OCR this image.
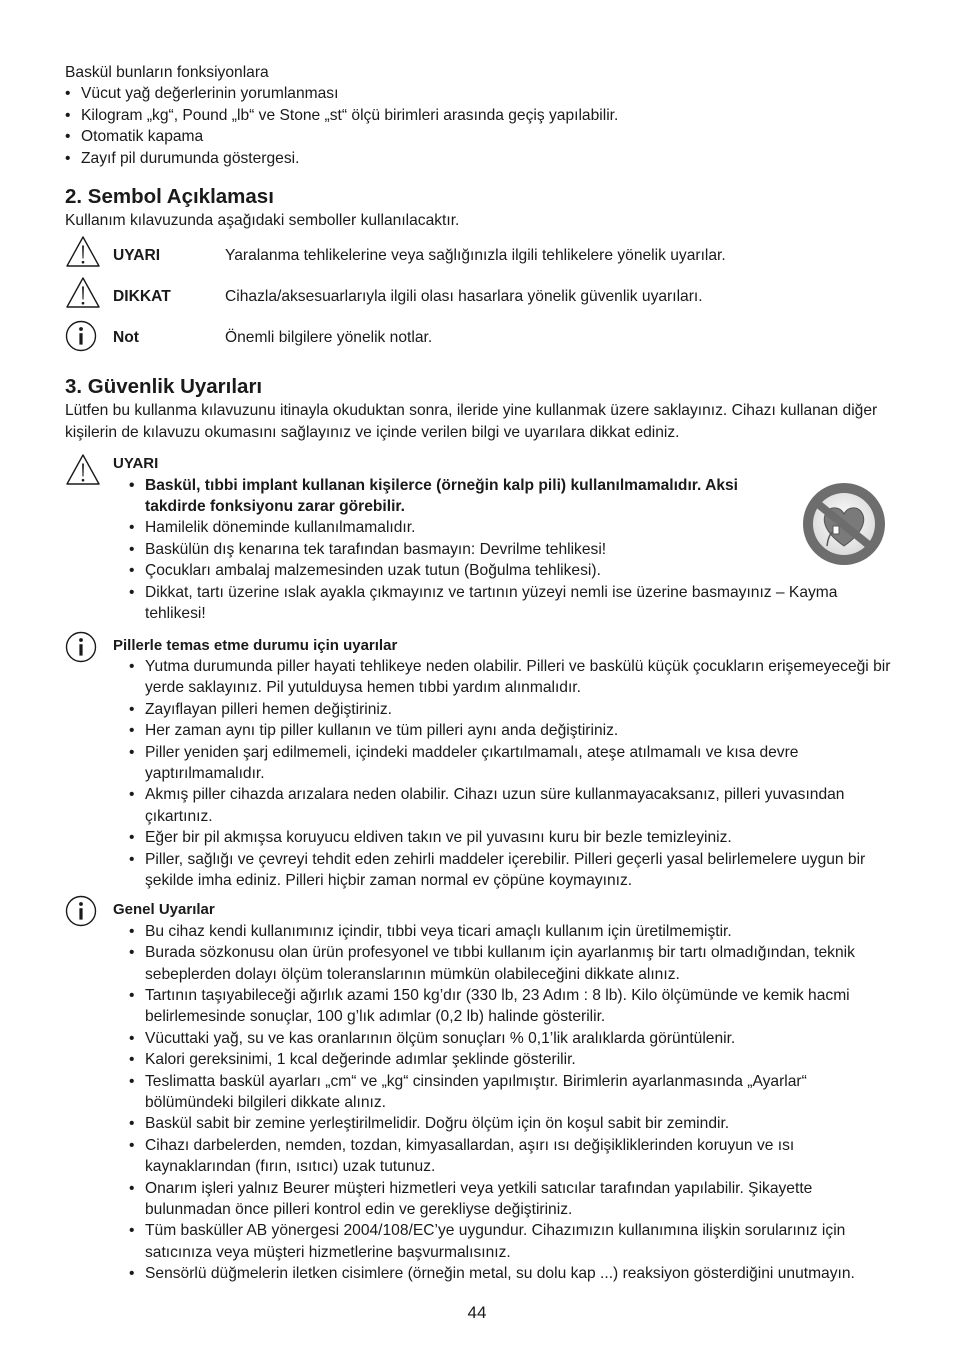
Baskül bunların fonksiyonlara

• Vücut yağ değerlerinin yorumlanması
• Kilogram „kg“, Pound „lb“ ve Stone „st“ ölçü birimleri arasında geçiş yapılabilir.
• Otomatik kapama
• Zayıf pil durumunda göstergesi.
2. Sembol Açıklaması

Kullanım kılavuzunda aşağıdaki semboller kullanılacaktır.

UYARI	Yaralanma tehlikelerine veya sağlığınızla ilgili tehlikelere yönelik uyarılar.
DIKKAT	Cihazla/aksesuarlarıyla ilgili olası hasarlara yönelik güvenlik uyarıları.
Not	Önemli bilgilere yönelik notlar.
3. Güvenlik Uyarıları

Lütfen bu kullanma kılavuzunu itinayla okuduktan sonra, ileride yine kullanmak üzere saklayınız. Cihazı kullanan diğer kişilerin de kılavuzu okumasını sağlayınız ve içinde verilen bilgi ve uyarılara dikkat ediniz.

UYARI
• Baskül, tıbbi implant kullanan kişilerce (örneğin kalp pili) kullanılmamalıdır. Aksi takdirde fonksiyonu zarar görebilir.
• Hamilelik döneminde kullanılmamalıdır.
• Baskülün dış kenarına tek tarafından basmayın: Devrilme tehlikesi!
• Çocukları ambalaj malzemesinden uzak tutun (Boğulma tehlikesi).
• Dikkat, tartı üzerine ıslak ayakla çıkmayınız ve tartının yüzeyi nemli ise üzerine basmayınız – Kayma tehlikesi!
Pillerle temas etme durumu için uyarılar
• Yutma durumunda piller hayati tehlikeye neden olabilir. Pilleri ve baskülü küçük çocukların erişemeyeceği bir yerde saklayınız. Pil yutulduysa hemen tıbbi yardım alınmalıdır.
• Zayıflayan pilleri hemen değiştiriniz.
• Her zaman aynı tip piller kullanın ve tüm pilleri aynı anda değiştiriniz.
• Piller yeniden şarj edilmemeli, içindeki maddeler çıkartılmamalı, ateşe atılmamalı ve kısa devre yaptırılmamalıdır.
• Akmış piller cihazda arızalara neden olabilir. Cihazı uzun süre kullanmayacaksanız, pilleri yuvasından çıkartınız.
• Eğer bir pil akmışsa koruyucu eldiven takın ve pil yuvasını kuru bir bezle temizleyiniz.
• Piller, sağlığı ve çevreyi tehdit eden zehirli maddeler içerebilir. Pilleri geçerli yasal belirlemelere uygun bir şekilde imha ediniz. Pilleri hiçbir zaman normal ev çöpüne koymayınız.
Genel Uyarılar
• Bu cihaz kendi kullanımınız içindir, tıbbi veya ticari amaçlı kullanım için üretilmemiştir.
• Burada sözkonusu olan ürün profesyonel ve tıbbi kullanım için ayarlanmış bir tartı olmadığından, teknik sebeplerden dolayı ölçüm toleranslarının mümkün olabileceğini dikkate alınız.
• Tartının taşıyabileceği ağırlık azami 150 kg’dır (330 lb, 23 Adım : 8 lb). Kilo ölçümünde ve kemik hacmi belirlemesinde sonuçlar, 100 g’lık adımlar (0,2 lb) halinde gösterilir.
• Vücuttaki yağ, su ve kas oranlarının ölçüm sonuçları % 0,1’lik aralıklarda görüntülenir.
• Kalori gereksinimi, 1 kcal değerinde adımlar şeklinde gösterilir.
• Teslimatta baskül ayarları „cm“ ve „kg“ cinsinden yapılmıştır. Birimlerin ayarlanmasında „Ayarlar“ bölümündeki bilgileri dikkate alınız.
• Baskül sabit bir zemine yerleştirilmelidir. Doğru ölçüm için ön koşul sabit bir zemindir.
• Cihazı darbelerden, nemden, tozdan, kimyasallardan, aşırı ısı değişikliklerinden koruyun ve ısı kaynaklarından (fırın, ısıtıcı) uzak tutunuz.
• Onarım işleri yalnız Beurer müşteri hizmetleri veya yetkili satıcılar tarafından yapılabilir. Şikayette bulunmadan önce pilleri kontrol edin ve gerekliyse değiştiriniz.
• Tüm basküller AB yönergesi 2004/108/EC’ye uygundur. Cihazımızın kullanımına ilişkin sorularınız için satıcınıza veya müşteri hizmetlerine başvurmalısınız.
• Sensörlü düğmelerin iletken cisimlere (örneğin metal, su dolu kap ...) reaksiyon gösterdiğini unutmayın.
44
